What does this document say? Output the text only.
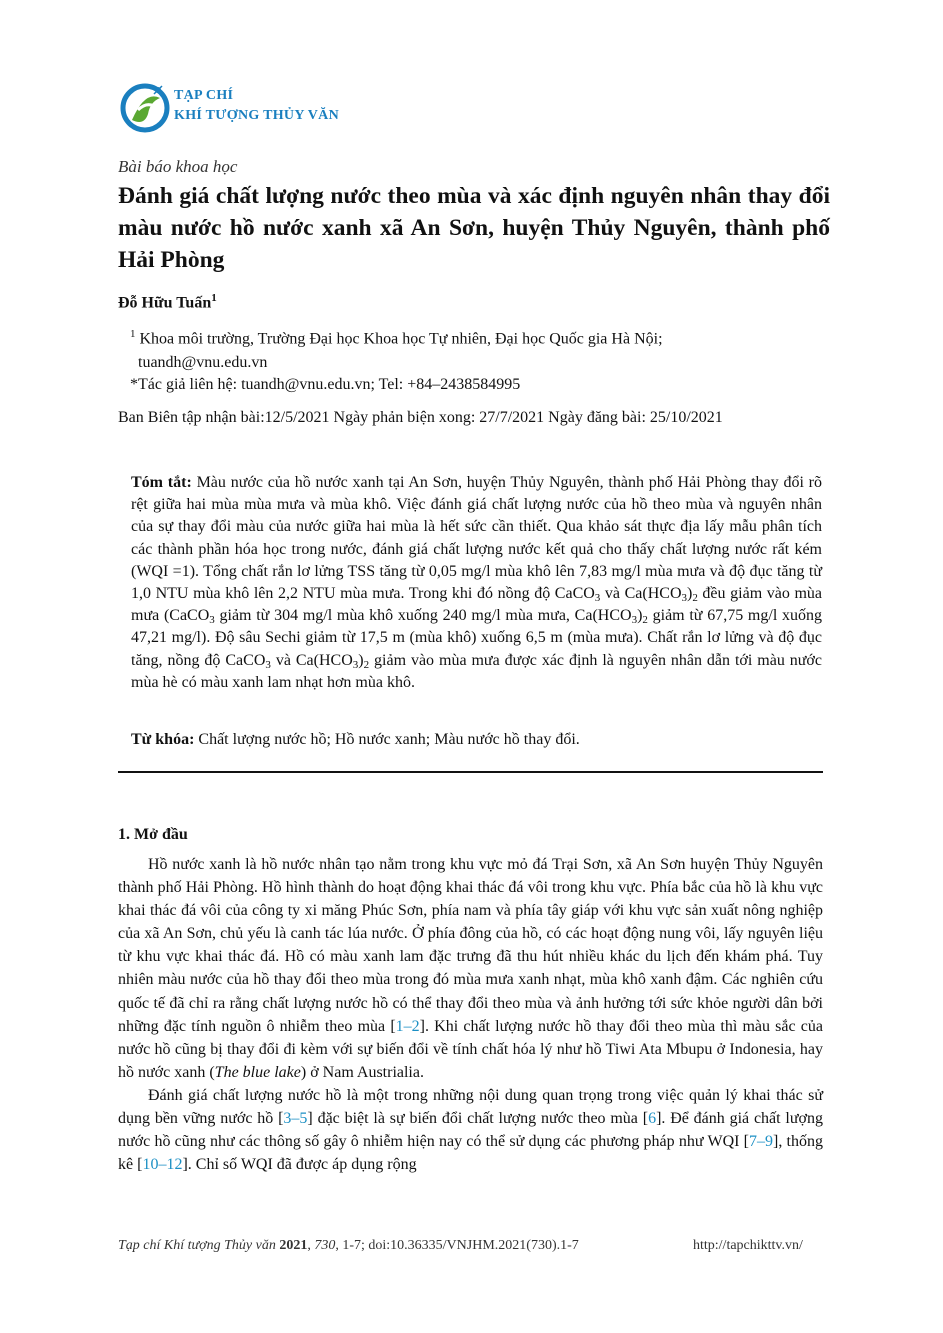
TẠP CHÍ
KHÍ TƯỢNG THỦY VĂN
Bài báo khoa học
Đánh giá chất lượng nước theo mùa và xác định nguyên nhân thay đổi màu nước hồ nước xanh xã An Sơn, huyện Thủy Nguyên, thành phố Hải Phòng
Đỗ Hữu Tuấn$^1$
$^1$ Khoa môi trường, Trường Đại học Khoa học Tự nhiên, Đại học Quốc gia Hà Nội;
tuandh@vnu.edu.vn
*Tác giả liên hệ: tuandh@vnu.edu.vn; Tel: +84–2438584995
Ban Biên tập nhận bài:12/5/2021 Ngày phản biện xong: 27/7/2021 Ngày đăng bài: 25/10/2021
Tóm tắt: Màu nước của hồ nước xanh tại An Sơn, huyện Thủy Nguyên, thành phố Hải Phòng thay đổi rõ rệt giữa hai mùa mùa mưa và mùa khô. Việc đánh giá chất lượng nước của hồ theo mùa và nguyên nhân của sự thay đổi màu của nước giữa hai mùa là hết sức cần thiết. Qua khảo sát thực địa lấy mẫu phân tích các thành phần hóa học trong nước, đánh giá chất lượng nước kết quả cho thấy chất lượng nước rất kém (WQI =1). Tổng chất rắn lơ lửng TSS tăng từ 0,05 mg/l mùa khô lên 7,83 mg/l mùa mưa và độ đục tăng từ 1,0 NTU mùa khô lên 2,2 NTU mùa mưa. Trong khi đó nồng độ CaCO$_3$ và $Ca(HCO_3)_2$ đều giảm vào mùa mưa (CaCO$_3$ giảm từ 304 mg/l mùa khô xuống 240 mg/l mùa mưa, $Ca(HCO_3)_2$ giảm từ 67,75 mg/l xuống 47,21 mg/l). Độ sâu Sechi giảm từ 17,5 m (mùa khô) xuống 6,5 m (mùa mưa). Chất rắn lơ lửng và độ đục tăng, nồng độ CaCO$_3$ và $Ca(HCO_3)_2$ giảm vào mùa mưa được xác định là nguyên nhân dẫn tới màu nước mùa hè có màu xanh lam nhạt hơn mùa khô.
Từ khóa: Chất lượng nước hồ; Hồ nước xanh; Màu nước hồ thay đổi.
1. Mở đầu

Hồ nước xanh là hồ nước nhân tạo nằm trong khu vực mỏ đá Trại Sơn, xã An Sơn huyện Thủy Nguyên thành phố Hải Phòng. Hồ hình thành do hoạt động khai thác đá vôi trong khu vực. Phía bắc của hồ là khu vực khai thác đá vôi của công ty xi măng Phúc Sơn, phía nam và phía tây giáp với khu vực sản xuất nông nghiệp của xã An Sơn, chủ yếu là canh tác lúa nước. Ở phía đông của hồ, có các hoạt động nung vôi, lấy nguyên liệu từ khu vực khai thác đá. Hồ có màu xanh lam đặc trưng đã thu hút nhiều khác du lịch đến khám phá. Tuy nhiên màu nước của hồ thay đổi theo mùa trong đó mùa mưa xanh nhạt, mùa khô xanh đậm. Các nghiên cứu quốc tế đã chỉ ra rằng chất lượng nước hồ có thể thay đổi theo mùa và ảnh hưởng tới sức khỏe người dân bởi những đặc tính nguồn ô nhiễm theo mùa [1–2]. Khi chất lượng nước hồ thay đổi theo mùa thì màu sắc của nước hồ cũng bị thay đổi đi kèm với sự biến đổi về tính chất hóa lý như hồ Tiwi Ata Mbupu ở Indonesia, hay hồ nước xanh (The blue lake) ở Nam Austrialia.

Đánh giá chất lượng nước hồ là một trong những nội dung quan trọng trong việc quản lý khai thác sử dụng bền vững nước hồ [3–5] đặc biệt là sự biến đổi chất lượng nước theo mùa [6]. Để đánh giá chất lượng nước hồ cũng như các thông số gây ô nhiễm hiện nay có thể sử dụng các phương pháp như WQI [7–9], thống kê [10–12]. Chỉ số WQI đã được áp dụng rộng

Tạp chí Khí tượng Thủy văn 2021, 730, 1-7; doi:10.36335/VNJHM.2021(730).1-7	http://tapchikttv.vn/
